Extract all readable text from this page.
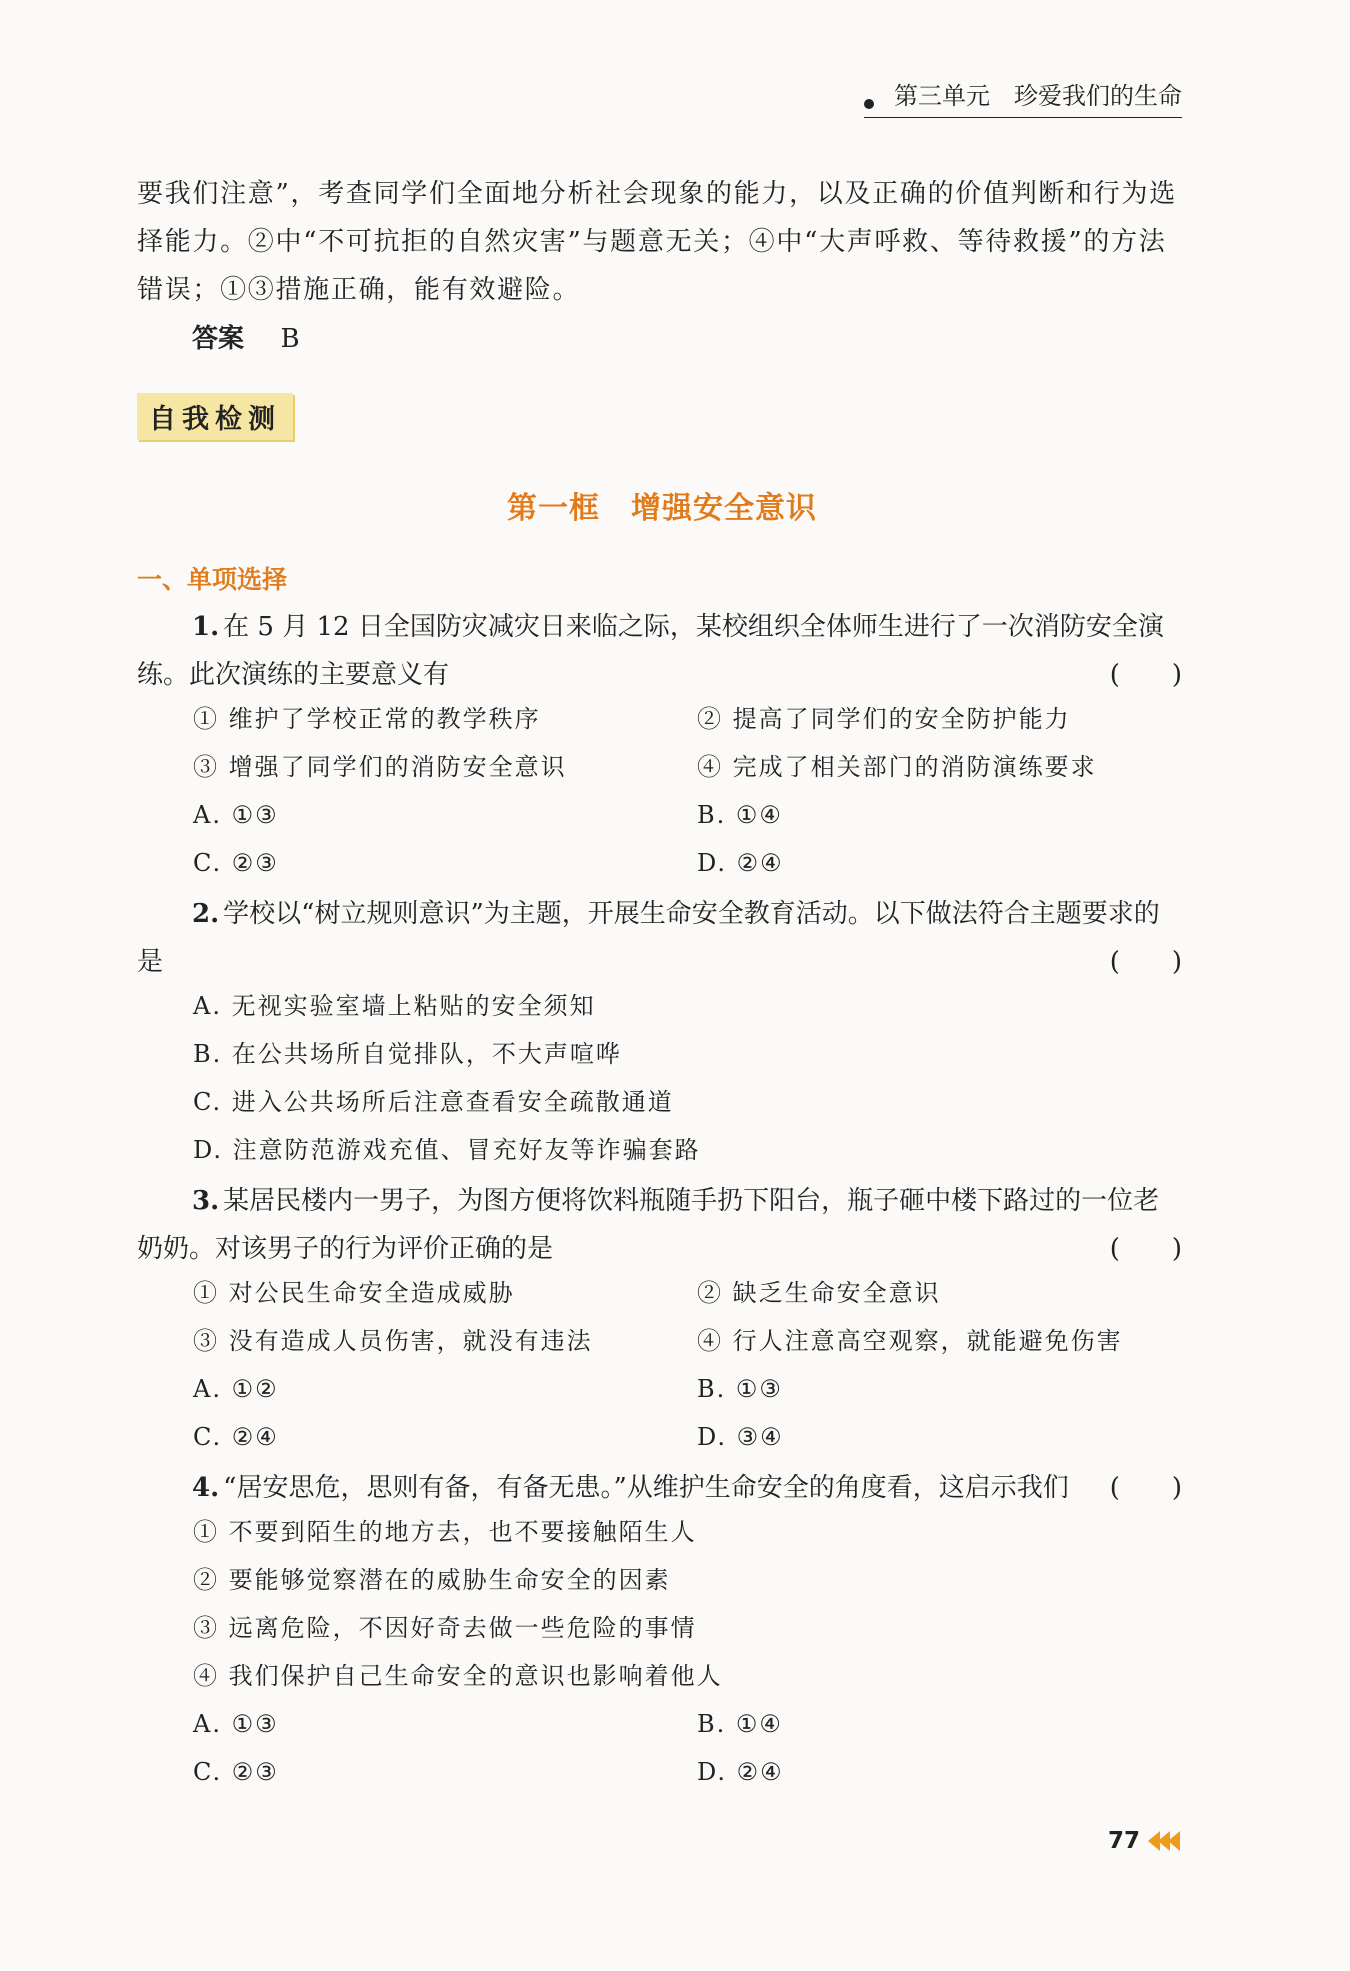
第三单元 珍爱我们的生命
要我们注意”，考查同学们全面地分析社会现象的能力，以及正确的价值判断和行为选择能力。②中“不可抗拒的自然灾害”与题意无关；④中“大声呼救、等待救援”的方法错误；①③措施正确，能有效避险。
答案 B
自我检测
第一框　增强安全意识
一、单项选择
1. 在 5 月 12 日全国防灾减灾日来临之际，某校组织全体师生进行了一次消防安全演练。此次演练的主要意义有	(　　)
① 维护了学校正常的教学秩序	② 提高了同学们的安全防护能力
③ 增强了同学们的消防安全意识	④ 完成了相关部门的消防演练要求
A. ①③	B. ①④
C. ②③	D. ②④
2. 学校以“树立规则意识”为主题，开展生命安全教育活动。以下做法符合主题要求的是	(　　)
A. 无视实验室墙上粘贴的安全须知
B. 在公共场所自觉排队，不大声喧哗
C. 进入公共场所后注意查看安全疏散通道
D. 注意防范游戏充值、冒充好友等诈骗套路
3. 某居民楼内一男子，为图方便将饮料瓶随手扔下阳台，瓶子砸中楼下路过的一位老奶奶。对该男子的行为评价正确的是	(　　)
① 对公民生命安全造成威胁	② 缺乏生命安全意识
③ 没有造成人员伤害，就没有违法	④ 行人注意高空观察，就能避免伤害
A. ①②	B. ①③
C. ②④	D. ③④
4. “居安思危，思则有备，有备无患。”从维护生命安全的角度看，这启示我们 (　　)
① 不要到陌生的地方去，也不要接触陌生人
② 要能够觉察潜在的威胁生命安全的因素
③ 远离危险，不因好奇去做一些危险的事情
④ 我们保护自己生命安全的意识也影响着他人
A. ①③	B. ①④
C. ②③	D. ②④
77
